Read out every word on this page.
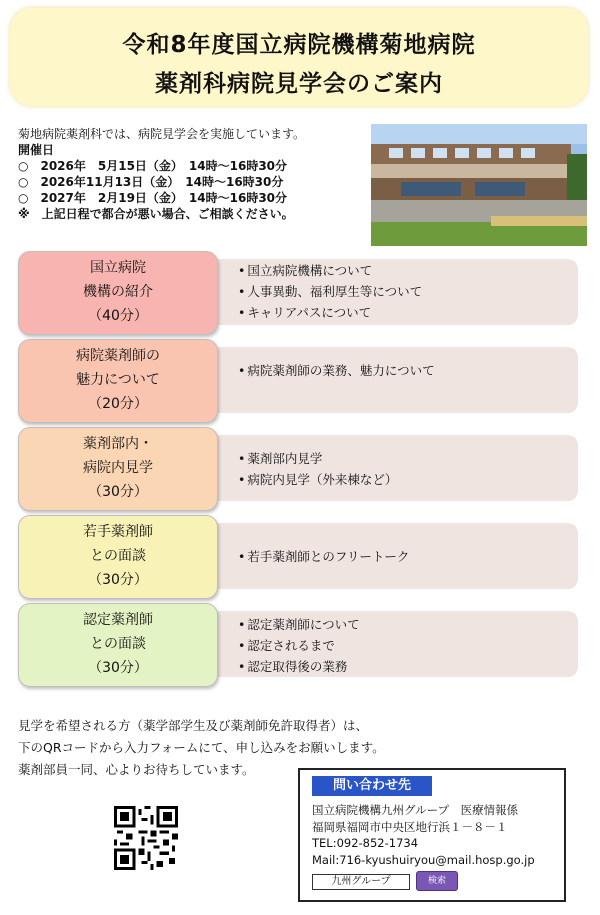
令和8年度国立病院機構菊地病院
薬剤科病院見学会のご案内
菊地病院薬剤科では、病院見学会を実施しています。
開催日
○　2026年　5月15日（金）　14時～16時30分
○　2026年11月13日（金）　14時～16時30分
○　2027年　2月19日（金）　14時～16時30分
※　上記日程で都合が悪い場合、ご相談ください。
国立病院
機構の紹介
（40分）
• 国立病院機構について
• 人事異動、福利厚生等について
• キャリアパスについて
病院薬剤師の
魅力について
（20分）
• 病院薬剤師の業務、魅力について
薬剤部内・
病院内見学
（30分）
• 薬剤部内見学
• 病院内見学（外来棟など）
若手薬剤師
との面談
（30分）
• 若手薬剤師とのフリートーク
認定薬剤師
との面談
（30分）
• 認定薬剤師について
• 認定されるまで
• 認定取得後の業務
見学を希望される方（薬学部学生及び薬剤師免許取得者）は、
下のQRコードから入力フォームにて、申し込みをお願いします。
薬剤部員一同、心よりお待ちしています。
問い合わせ先
国立病院機構九州グループ　医療情報係
福岡県福岡市中央区地行浜１－８－１
TEL:092-852-1734
Mail:716-kyushuiryou@mail.hosp.go.jp
九州グループ	検索
